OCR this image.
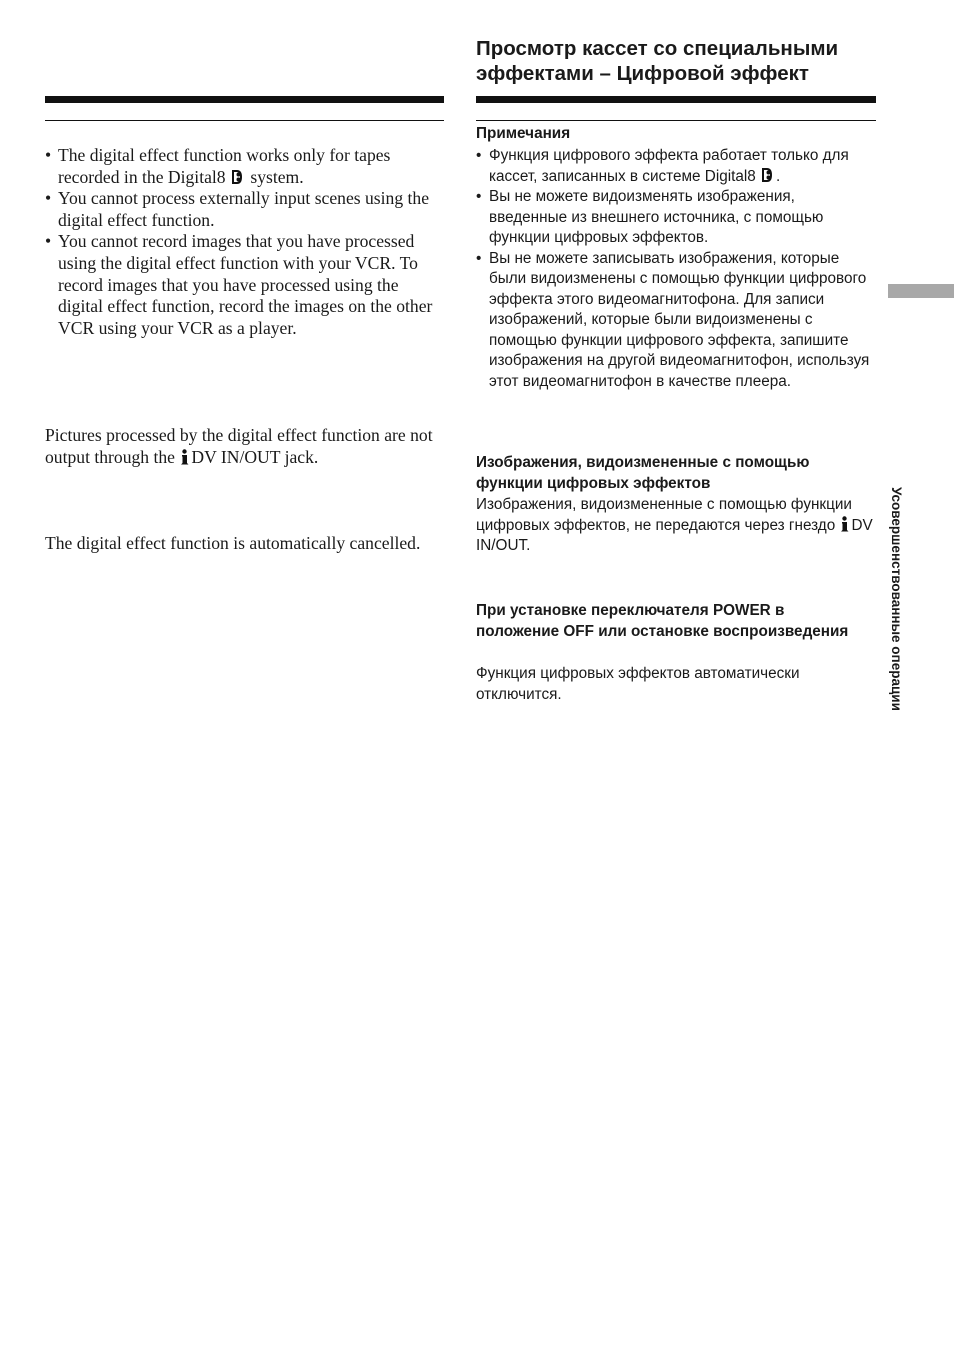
• The digital effect function works only for tapes recorded in the Digital8  system.
• You cannot process externally input scenes using the digital effect function.
• You cannot record images that you have processed using the digital effect function with your VCR. To record images that you have processed using the digital effect function, record the images on the other VCR using your VCR as a player.

Pictures processed by the digital effect function are not output through the DV IN/OUT jack.

The digital effect function is automatically cancelled.

Просмотр кассет со специальными эффектами – Цифровой эффект
Примечания
• Функция цифрового эффекта работает только для кассет, записанных в системе Digital8 .
• Вы не можете видоизменять изображения, введенные из внешнего источника, с помощью функции цифровых эффектов.
• Вы не можете записывать изображения, которые были видоизменены с помощью функции цифрового эффекта этого видеомагнитофона. Для записи изображений, которые были видоизменены с помощью функции цифрового эффекта, запишите изображения на другой видеомагнитофон, используя этот видеомагнитофон в качестве плеера.
Изображения, видоизмененные с помощью функции цифровых эффектов

Изображения, видоизмененные с помощью функции цифровых эффектов, не передаются через гнездо DV IN/OUT.

При установке переключателя POWER в положение OFF или остановке воспроизведения

Функция цифровых эффектов автоматически отключится.	Усовершенствованные операции
